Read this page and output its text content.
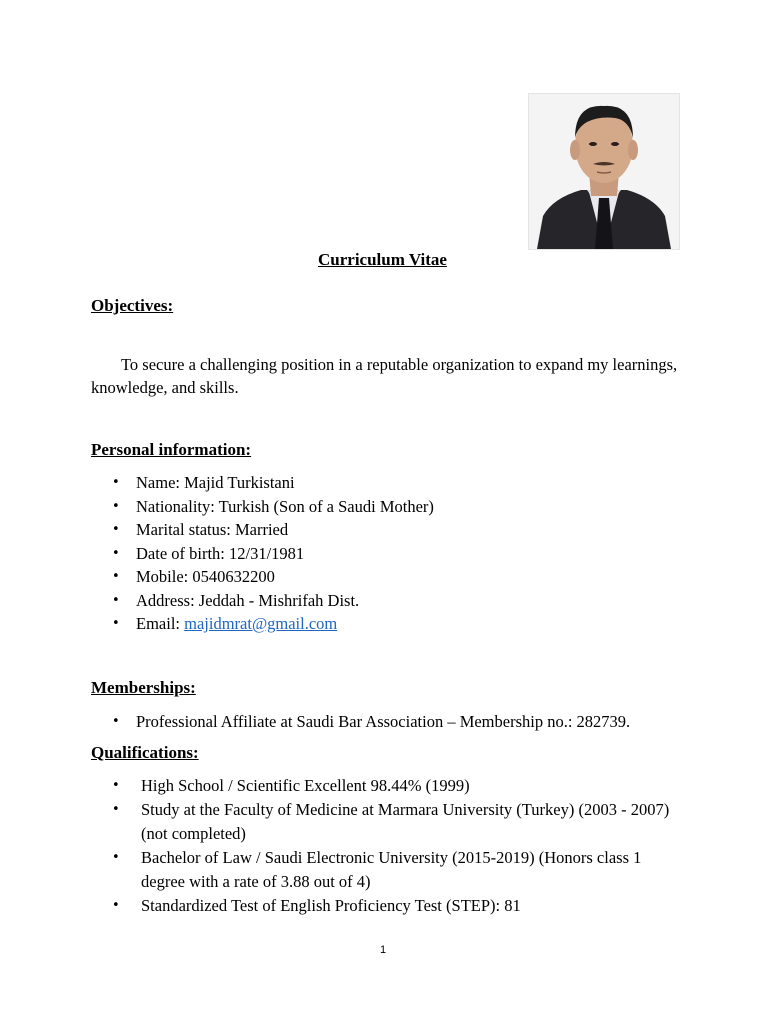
Curriculum Vitae
Objectives:
To secure a challenging position in a reputable organization to expand my learnings, knowledge, and skills.
Personal information:
• Name: Majid Turkistani
• Nationality: Turkish (Son of a Saudi Mother)
• Marital status: Married
• Date of birth: 12/31/1981
• Mobile: 0540632200
• Address: Jeddah - Mishrifah Dist.
• Email: majidmrat@gmail.com
Memberships:
• Professional Affiliate at Saudi Bar Association – Membership no.: 282739.
Qualifications:
• High School / Scientific Excellent 98.44% (1999)
• Study at the Faculty of Medicine at Marmara University (Turkey) (2003 - 2007) (not completed)
• Bachelor of Law / Saudi Electronic University (2015-2019) (Honors class 1 degree with a rate of 3.88 out of 4)
• Standardized Test of English Proficiency Test (STEP): 81
1
